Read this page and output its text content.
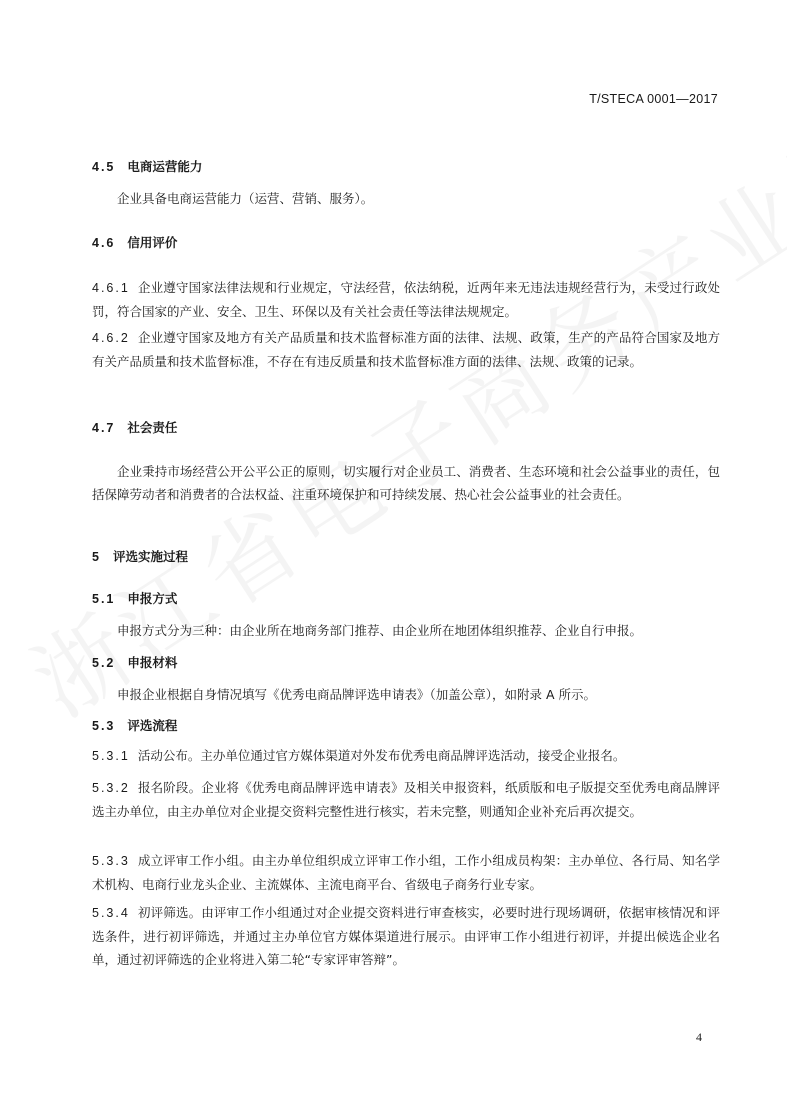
T/STECA 0001—2017
4.5 电商运营能力
企业具备电商运营能力（运营、营销、服务）。
4.6 信用评价
4.6.1 企业遵守国家法律法规和行业规定，守法经营，依法纳税，近两年来无违法违规经营行为，未受过行政处罚，符合国家的产业、安全、卫生、环保以及有关社会责任等法律法规规定。
4.6.2 企业遵守国家及地方有关产品质量和技术监督标准方面的法律、法规、政策，生产的产品符合国家及地方有关产品质量和技术监督标准，不存在有违反质量和技术监督标准方面的法律、法规、政策的记录。
4.7 社会责任
企业秉持市场经营公开公平公正的原则，切实履行对企业员工、消费者、生态环境和社会公益事业的责任，包括保障劳动者和消费者的合法权益、注重环境保护和可持续发展、热心社会公益事业的社会责任。
5 评选实施过程
5.1 申报方式
申报方式分为三种：由企业所在地商务部门推荐、由企业所在地团体组织推荐、企业自行申报。
5.2 申报材料
申报企业根据自身情况填写《优秀电商品牌评选申请表》（加盖公章），如附录 A 所示。
5.3 评选流程
5.3.1 活动公布。主办单位通过官方媒体渠道对外发布优秀电商品牌评选活动，接受企业报名。
5.3.2 报名阶段。企业将《优秀电商品牌评选申请表》及相关申报资料，纸质版和电子版提交至优秀电商品牌评选主办单位，由主办单位对企业提交资料完整性进行核实，若未完整，则通知企业补充后再次提交。
5.3.3 成立评审工作小组。由主办单位组织成立评审工作小组，工作小组成员构架：主办单位、各行局、知名学术机构、电商行业龙头企业、主流媒体、主流电商平台、省级电子商务行业专家。
5.3.4 初评筛选。由评审工作小组通过对企业提交资料进行审查核实，必要时进行现场调研，依据审核情况和评选条件，进行初评筛选，并通过主办单位官方媒体渠道进行展示。由评审工作小组进行初评，并提出候选企业名单，通过初评筛选的企业将进入第二轮“专家评审答辩”。
4
